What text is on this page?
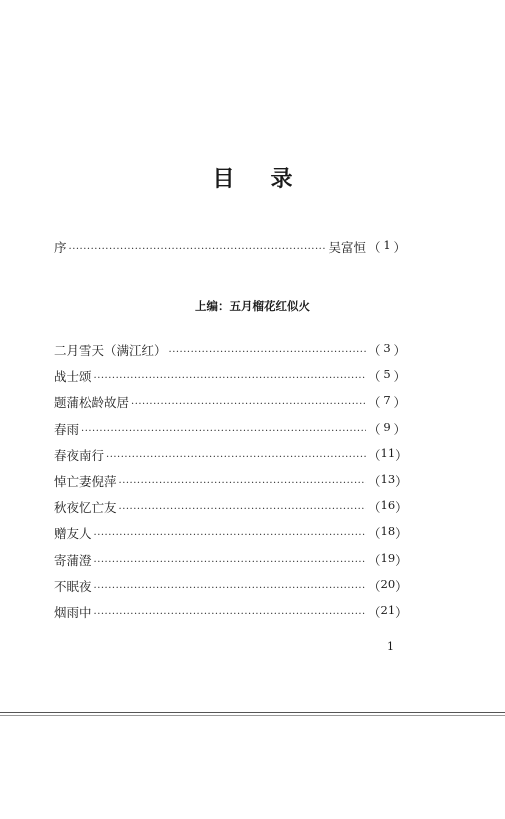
目录
序 ·····	吴富恒 （ 1 ）
上编：五月榴花红似火
二月雪天（满江红） ·····	（ 3 ）
战士颂 ·····	（ 5 ）
题蒲松龄故居 ·····	（ 7 ）
春雨 ·····	（ 9 ）
春夜南行 ·····	（ 11 ）
悼亡妻倪萍 ·····	（ 13 ）
秋夜忆亡友 ·····	（ 16 ）
赠友人 ·····	（ 18 ）
寄蒲澄 ·····	（ 19 ）
不眠夜 ·····	（ 20 ）
烟雨中 ·····	（ 21 ）
1
